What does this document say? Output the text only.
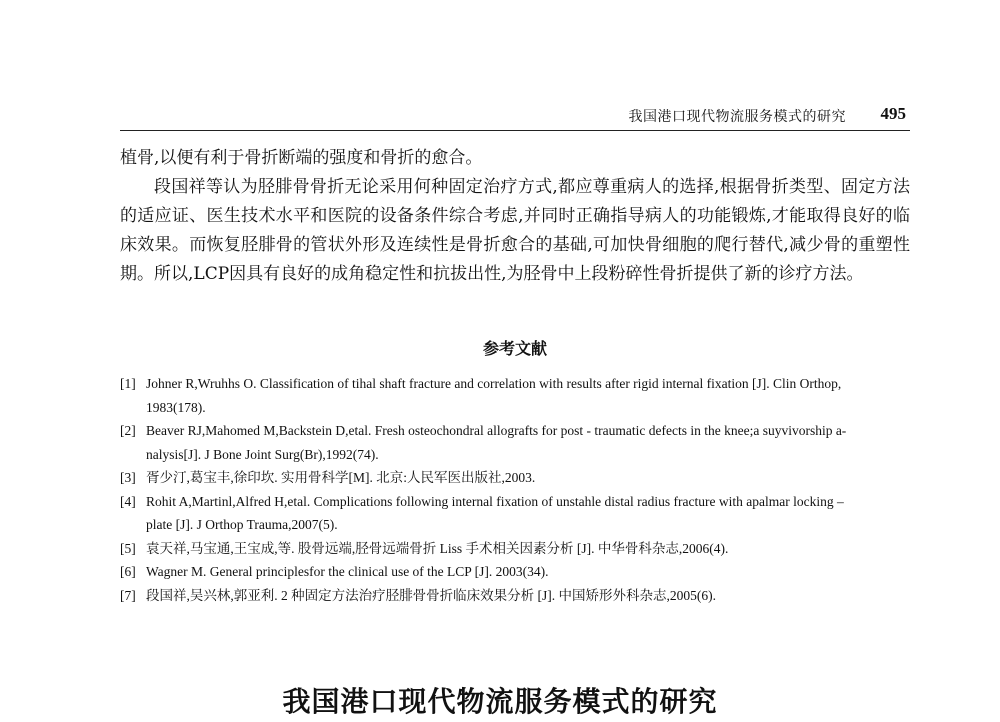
我国港口现代物流服务模式的研究 495

植骨,以便有利于骨折断端的强度和骨折的愈合。

段国祥等认为胫腓骨骨折无论采用何种固定治疗方式,都应尊重病人的选择,根据骨折类型、固定方法的适应证、医生技术水平和医院的设备条件综合考虑,并同时正确指导病人的功能锻炼,才能取得良好的临床效果。而恢复胫腓骨的管状外形及连续性是骨折愈合的基础,可加快骨细胞的爬行替代,减少骨的重塑性期。所以,LCP因具有良好的成角稳定性和抗拔出性,为胫骨中上段粉碎性骨折提供了新的诊疗方法。

参考文献

[1] Johner R,Wruhhs O. Classification of tihal shaft fracture and correlation with results after rigid internal fixation [J]. Clin Orthop,
1983(178).

[2] Beaver RJ,Mahomed M,Backstein D,etal. Fresh osteochondral allografts for post - traumatic defects in the knee;a suyvivorship a-
nalysis[J]. J Bone Joint Surg(Br),1992(74).

[3] 胥少汀,葛宝丰,徐印坎. 实用骨科学[M]. 北京:人民军医出版社,2003.

[4] Rohit A,Martinl,Alfred H,etal. Complications following internal fixation of unstahle distal radius fracture with apalmar locking –
plate [J]. J Orthop Trauma,2007(5).

[5] 袁天祥,马宝通,王宝成,等. 股骨远端,胫骨远端骨折 Liss 手术相关因素分析 [J]. 中华骨科杂志,2006(4).

[6] Wagner M. General principlesfor the clinical use of the LCP [J]. 2003(34).

[7] 段国祥,吴兴林,郭亚利. 2 种固定方法治疗胫腓骨骨折临床效果分析 [J]. 中国矫形外科杂志,2005(6).

我国港口现代物流服务模式的研究
